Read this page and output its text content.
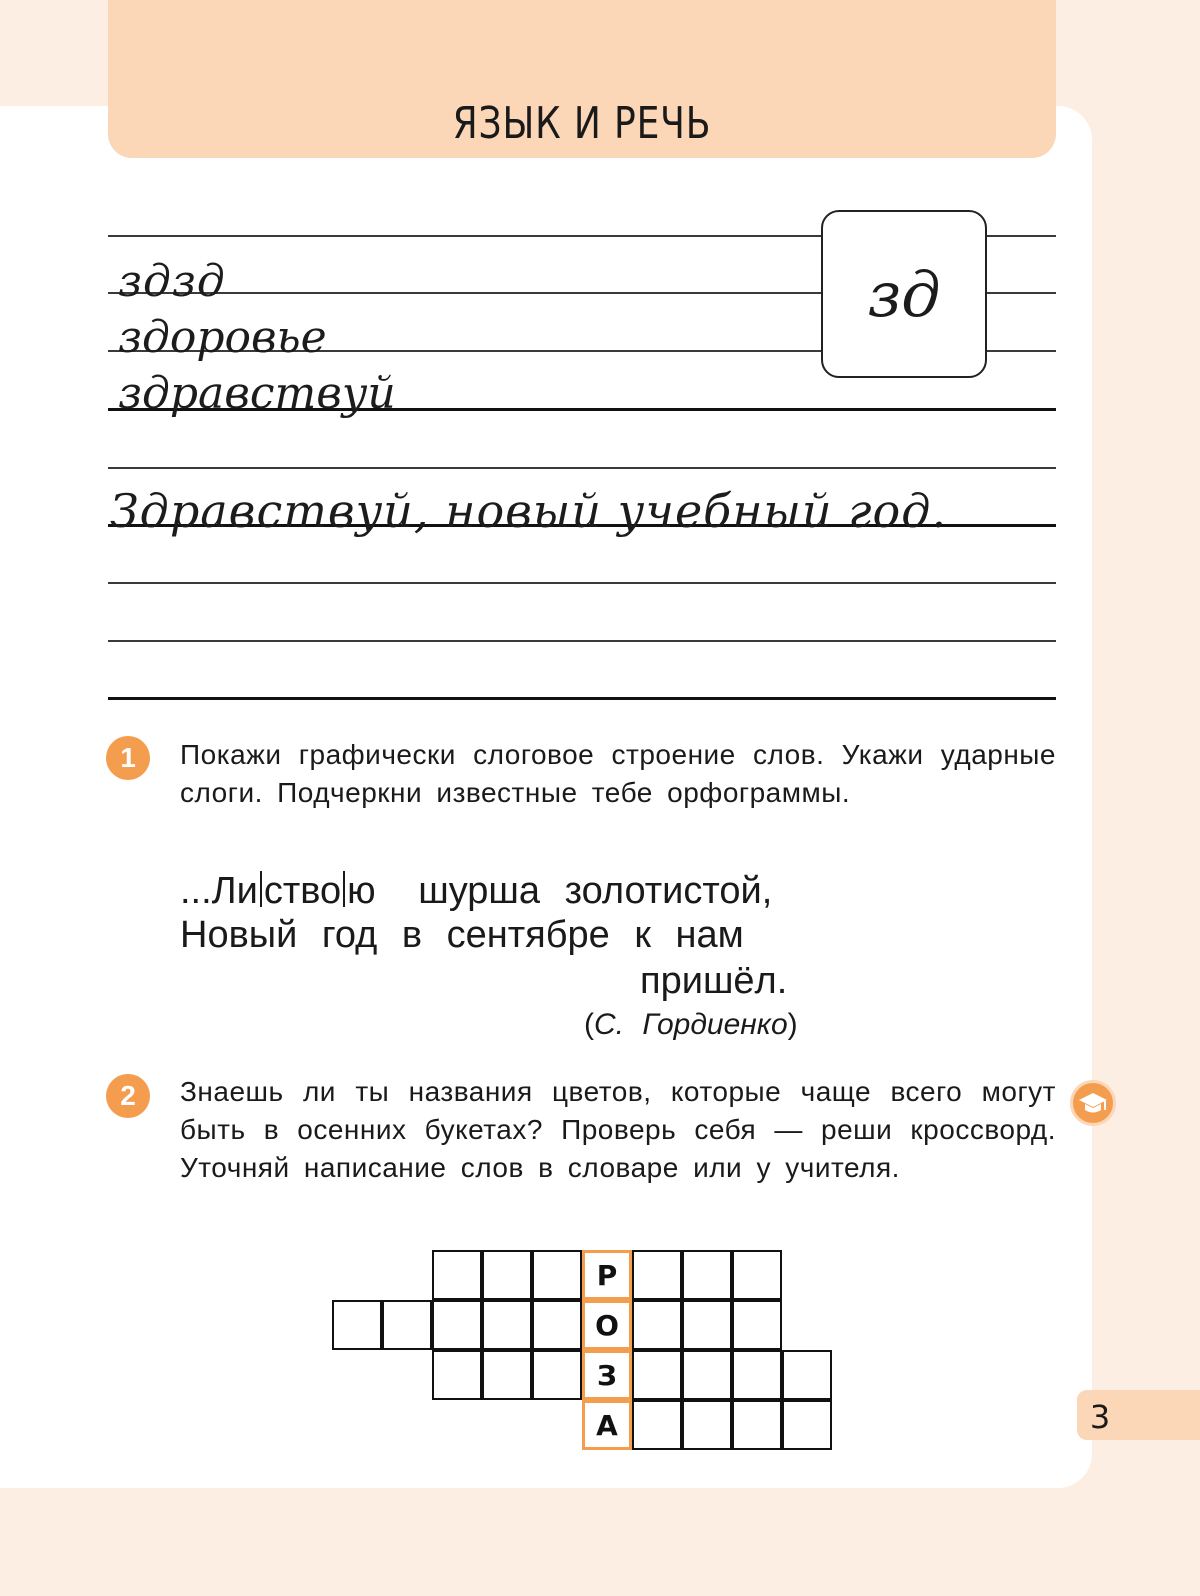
ЯЗЫК И РЕЧЬ
зд
здзд
здоровье
здравствуй
Здравствуй, новый учебный год.
1	Покажи графически слоговое строение слов. Укажи ударные слоги. Подчеркни известные тебе орфограммы.
...Ли ство ю шурша золотистой,
Новый год в сентябре к нам
пришёл.
(С. Гордиенко)
2	Знаешь ли ты названия цветов, которые чаще всего могут быть в осенних букетах? Проверь себя — реши кроссворд. Уточняй написание слов в словаре или у учителя.
Р
О
З
А	3
